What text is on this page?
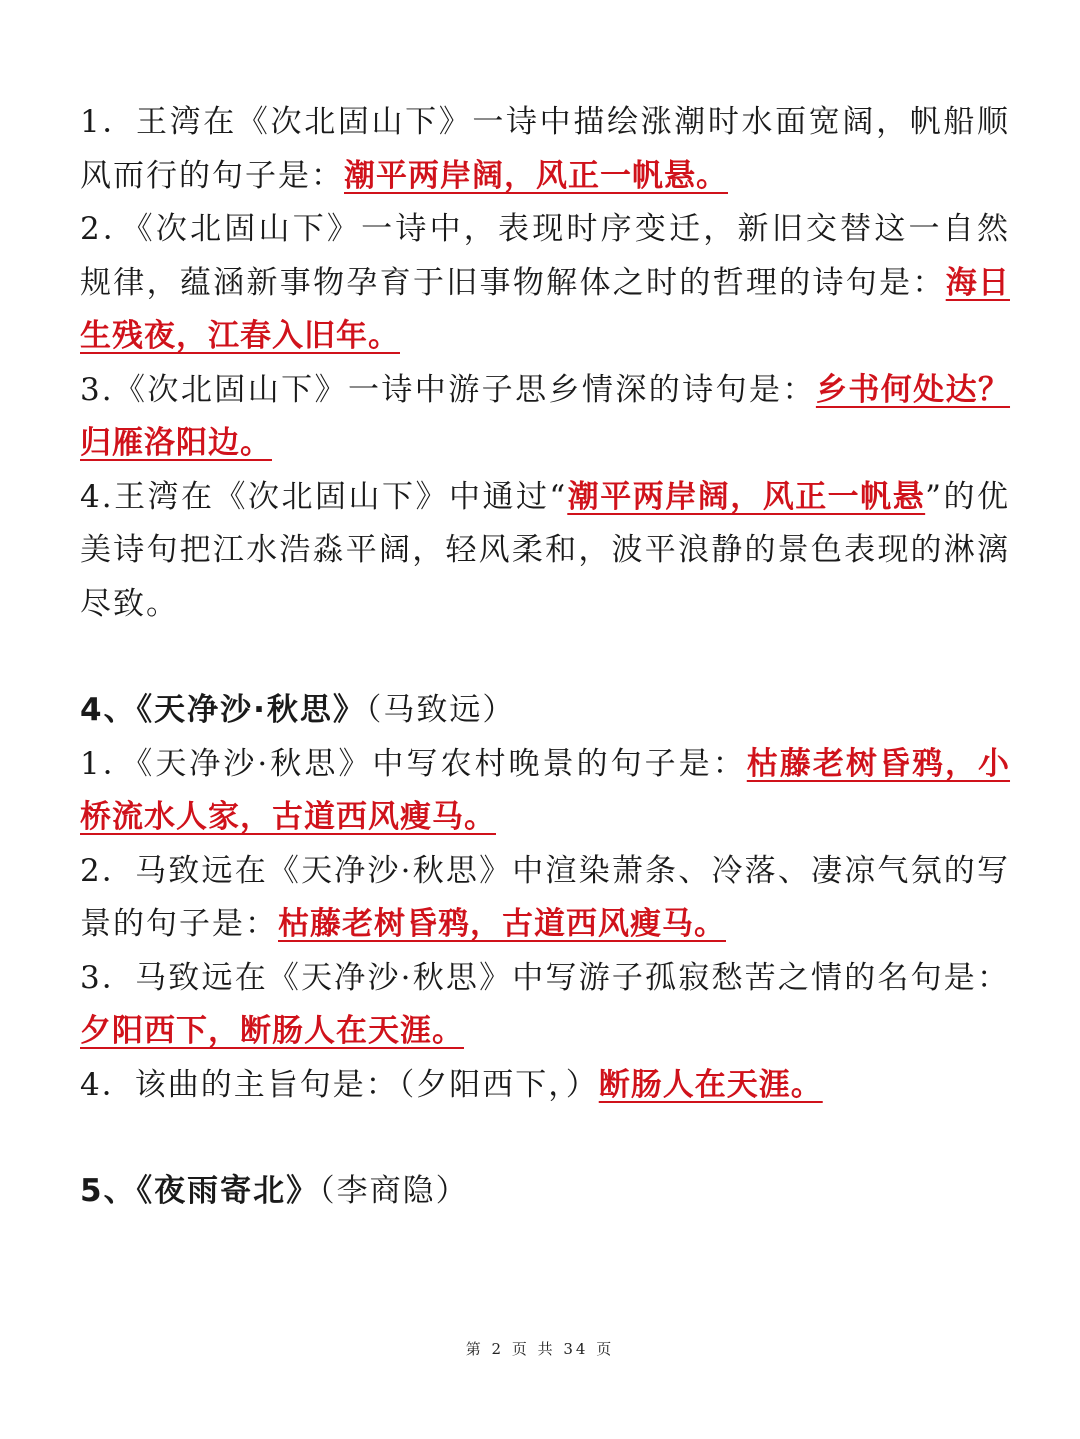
1．王湾在《次北固山下》一诗中描绘涨潮时水面宽阔，帆船顺风而行的句子是：潮平两岸阔，风正一帆悬。

2．《次北固山下》一诗中，表现时序变迁，新旧交替这一自然规律，蕴涵新事物孕育于旧事物解体之时的哲理的诗句是：海日生残夜，江春入旧年。

3.《次北固山下》一诗中游子思乡情深的诗句是：乡书何处达？归雁洛阳边。

4.王湾在《次北固山下》中通过“潮平两岸阔，风正一帆悬”的优美诗句把江水浩淼平阔，轻风柔和，波平浪静的景色表现的淋漓尽致。

4、《天净沙·秋思》（马致远）

1．《天净沙·秋思》中写农村晚景的句子是：枯藤老树昏鸦，小桥流水人家，古道西风瘦马。

2．马致远在《天净沙·秋思》中渲染萧条、冷落、凄凉气氛的写景的句子是：枯藤老树昏鸦，古道西风瘦马。

3．马致远在《天净沙·秋思》中写游子孤寂愁苦之情的名句是：夕阳西下，断肠人在天涯。

4．该曲的主旨句是：（夕阳西下，）断肠人在天涯。

5、《夜雨寄北》（李商隐）

第 2 页 共 34 页
